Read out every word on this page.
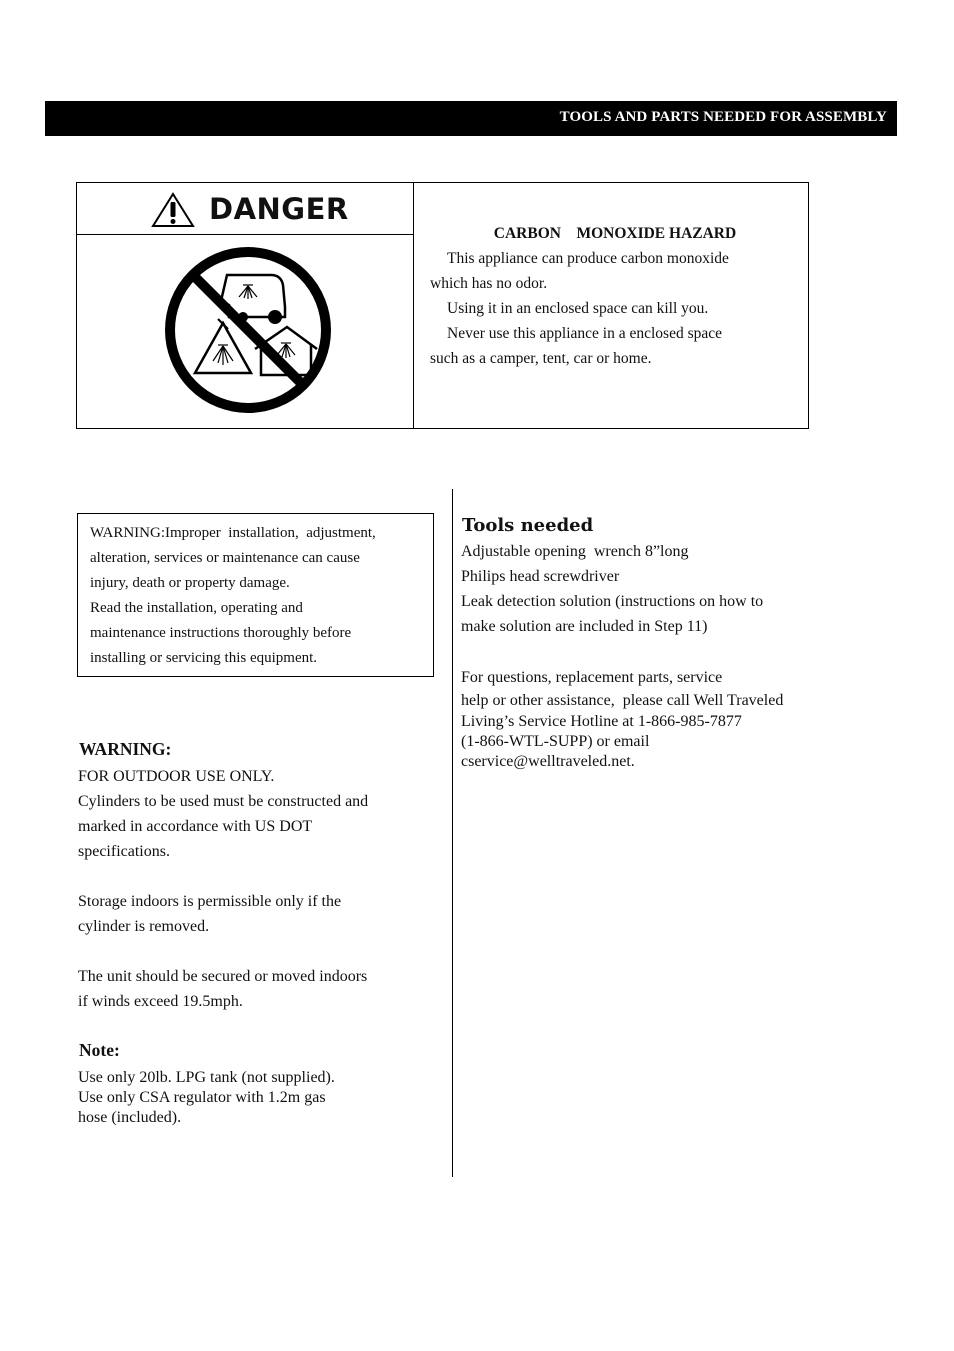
TOOLS AND PARTS NEEDED FOR ASSEMBLY
DANGER

CARBON    MONOXIDE HAZARD

This appliance can produce carbon monoxide

which has no odor.

Using it in an enclosed space can kill you.

Never use this appliance in a enclosed space

such as a camper, tent, car or home.

WARNING:Improper  installation,  adjustment,

alteration, services or maintenance can cause

injury, death or property damage.

Read the installation, operating and

maintenance instructions thoroughly before

installing or servicing this equipment.

WARNING:

FOR OUTDOOR USE ONLY.

Cylinders to be used must be constructed and

marked in accordance with US DOT

specifications.

Storage indoors is permissible only if the

cylinder is removed.

The unit should be secured or moved indoors

if winds exceed 19.5mph.

Note:

Use only 20lb. LPG tank (not supplied).

Use only CSA regulator with 1.2m gas

hose (included).

Tools needed

Adjustable opening  wrench 8”long

Philips head screwdriver

Leak detection solution (instructions on how to

make solution are included in Step 11)

For questions, replacement parts, service

help or other assistance,  please call Well Traveled

Living’s Service Hotline at 1-866-985-7877

(1-866-WTL-SUPP) or email

cservice@welltraveled.net.
